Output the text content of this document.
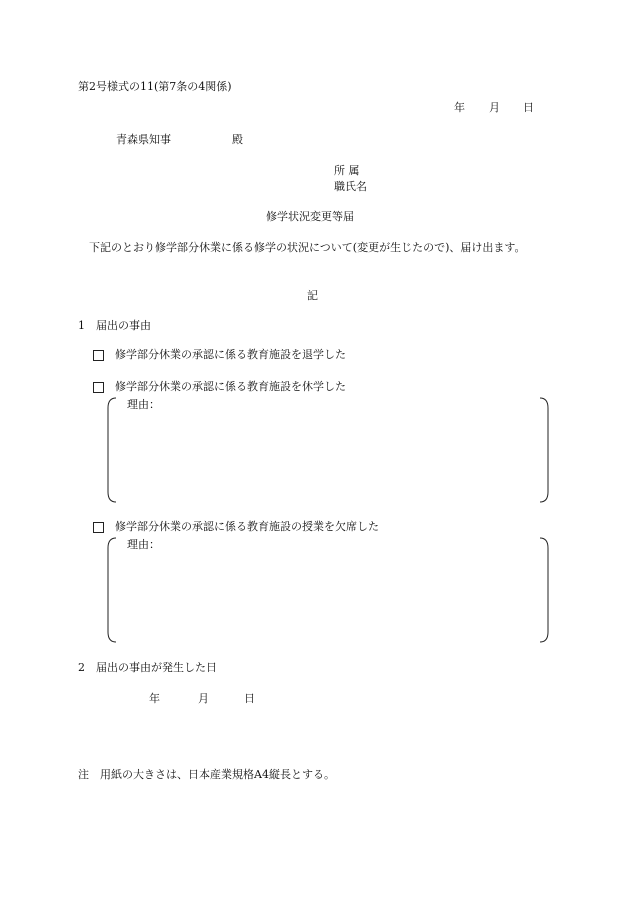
第2号様式の11(第7条の4関係)
年 月 日
青森県知事	殿
所 属
職氏名
修学状況変更等届
下記のとおり修学部分休業に係る修学の状況について(変更が生じたので)、届け出ます。
記
1　届出の事由
修学部分休業の承認に係る教育施設を退学した
修学部分休業の承認に係る教育施設を休学した
理由：
修学部分休業の承認に係る教育施設の授業を欠席した
理由：
2　届出の事由が発生した日
年	月	日
注　用紙の大きさは、日本産業規格A4縦長とする。
